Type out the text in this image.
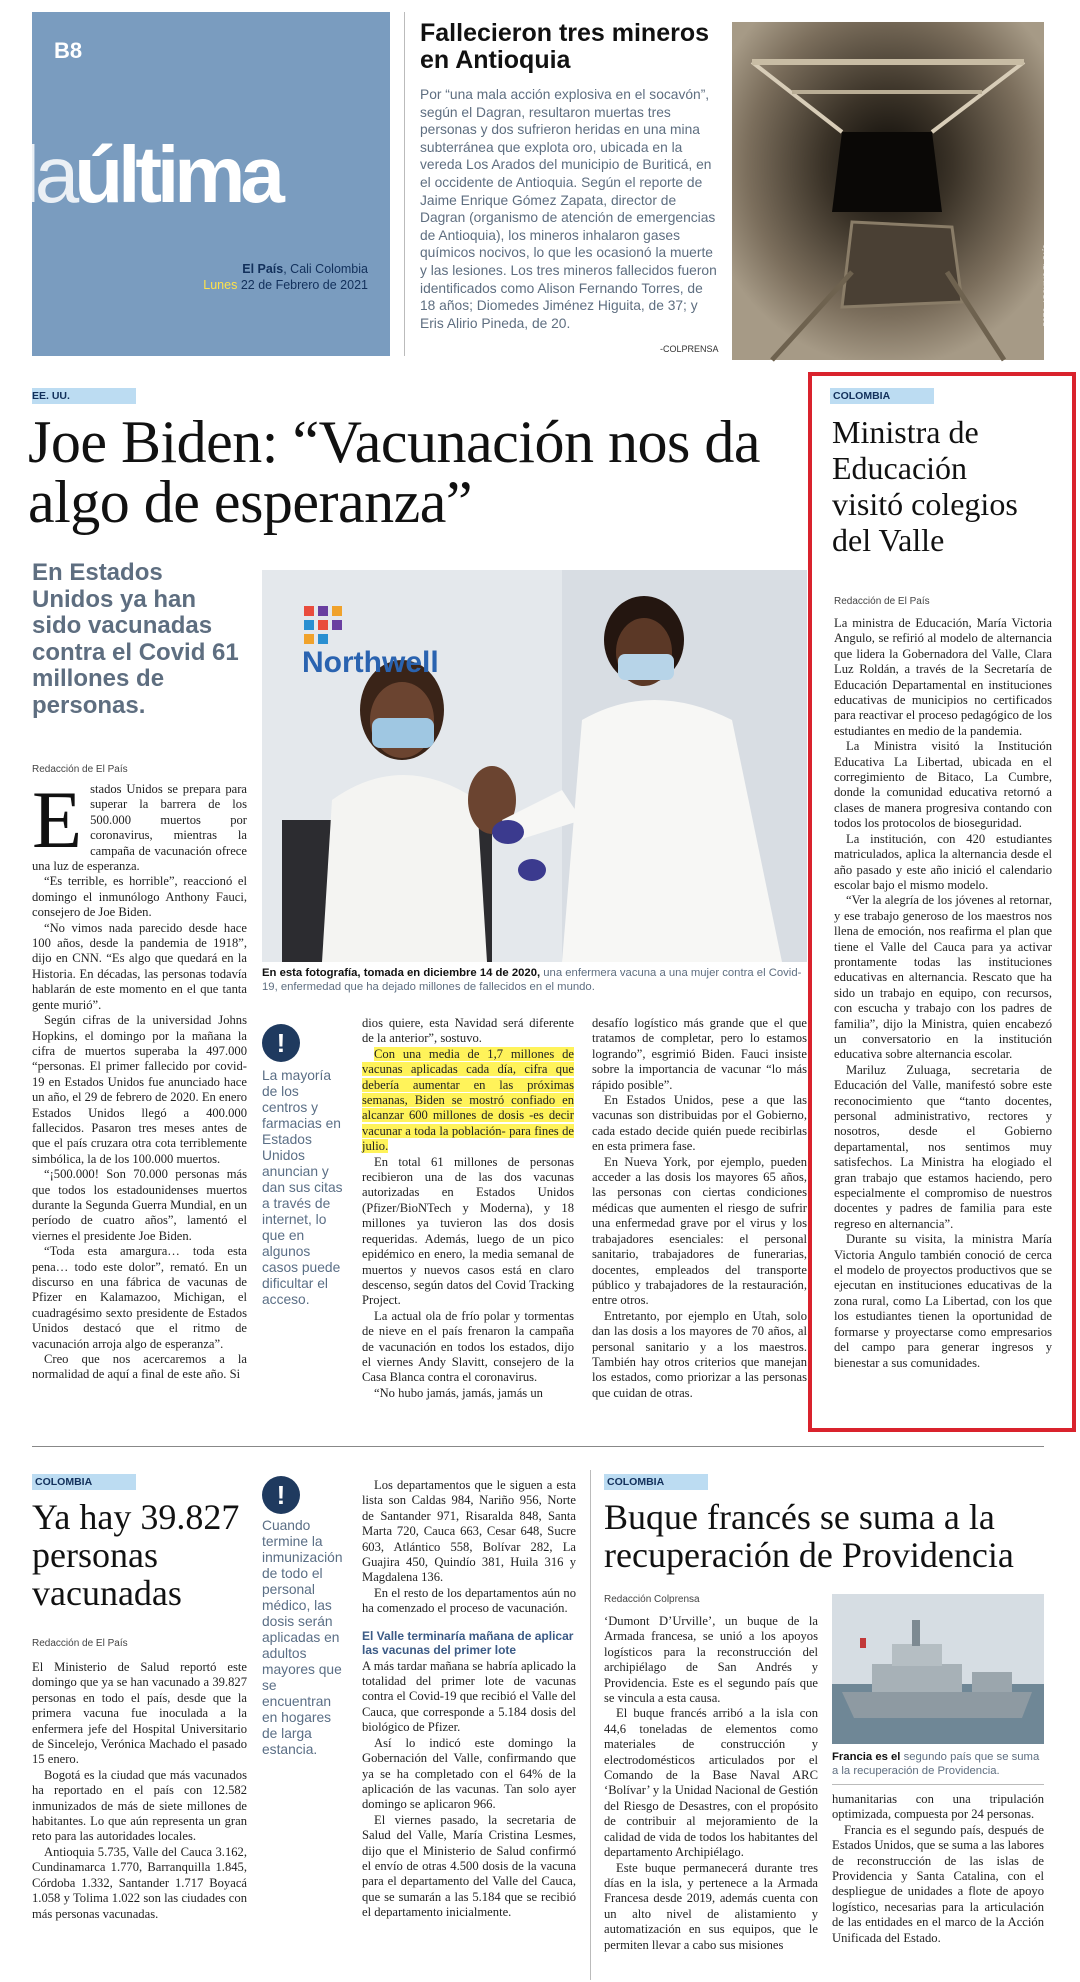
B8
laúltima
El País, Cali Colombia
Lunes 22 de Febrero de 2021
Fallecieron tres mineros en Antioquia
Por “una mala acción explosiva en el socavón”, según el Dagran, resultaron muertas tres personas y dos sufrieron heridas en una mina subterránea que explota oro, ubicada en la vereda Los Arados del municipio de Buriticá, en el occidente de Antioquia. Según el reporte de Jaime Enrique Gómez Zapata, director de Dagran (organismo de atención de emergencias de Antioquia), los mineros inhalaron gases químicos nocivos, lo que les ocasionó la muerte y las lesiones. Los tres mineros fallecidos fueron identificados como Alison Fernando Torres, de 18 años; Diomedes Jiménez Higuita, de 37; y Eris Alirio Pineda, de 20.
-COLPRENSA
FOTO: ARCHIVO EL PAÍS
EE. UU.
Joe Biden: “Vacunación nos da algo de esperanza”
En Estados Unidos ya han sido vacunadas contra el Covid 61 millones de personas.
Redacción de El País
E stados Unidos se prepara para superar la barrera de los 500.000 muertos por coronavirus, mientras la campaña de vacunación ofrece una luz de esperanza.

“Es terrible, es horrible”, reaccionó el domingo el inmunólogo Anthony Fauci, consejero de Joe Biden.

“No vimos nada parecido desde hace 100 años, desde la pandemia de 1918”, dijo en CNN. “Es algo que quedará en la Historia. En décadas, las personas todavía hablarán de este momento en el que tanta gente murió”.

Según cifras de la universidad Johns Hopkins, el domingo por la mañana la cifra de muertos superaba la 497.000 “personas. El primer fallecido por covid-19 en Estados Unidos fue anunciado hace un año, el 29 de febrero de 2020. En enero Estados Unidos llegó a 400.000 fallecidos. Pasaron tres meses antes de que el país cruzara otra cota terriblemente simbólica, la de los 100.000 muertos.

“¡500.000! Son 70.000 personas más que todos los estadounidenses muertos durante la Segunda Guerra Mundial, en un período de cuatro años”, lamentó el viernes el presidente Joe Biden.

“Toda esta amargura… toda esta pena… todo este dolor”, remató. En un discurso en una fábrica de vacunas de Pfizer en Kalamazoo, Michigan, el cuadragésimo sexto presidente de Estados Unidos destacó que el ritmo de vacunación arroja algo de esperanza”.

Creo que nos acercaremos a la normalidad de aquí a final de este año. Si

Northwell
En esta fotografía, tomada en diciembre 14 de 2020, una enfermera vacuna a una mujer contra el Covid-19, enfermedad que ha dejado millones de fallecidos en el mundo.
!
La mayoría de los centros y farmacias en Estados Unidos anuncian y dan sus citas a través de internet, lo que en algunos casos puede dificultar el acceso.

dios quiere, esta Navidad será diferente de la anterior”, sostuvo.

Con una media de 1,7 millones de vacunas aplicadas cada día, cifra que debería aumentar en las próximas semanas, Biden se mostró confiado en alcanzar 600 millones de dosis -es decir vacunar a toda la población- para fines de julio.

En total 61 millones de personas recibieron una de las dos vacunas autorizadas en Estados Unidos (Pfizer/BioNTech y Moderna), y 18 millones ya tuvieron las dos dosis requeridas. Además, luego de un pico epidémico en enero, la media semanal de muertos y nuevos casos está en claro descenso, según datos del Covid Tracking Project.

La actual ola de frío polar y tormentas de nieve en el país frenaron la campaña de vacunación en todos los estados, dijo el viernes Andy Slavitt, consejero de la Casa Blanca contra el coronavirus.

“No hubo jamás, jamás, jamás un

desafío logístico más grande que el que tratamos de completar, pero lo estamos logrando”, esgrimió Biden. Fauci insiste sobre la importancia de vacunar “lo más rápido posible”.

En Estados Unidos, pese a que las vacunas son distribuidas por el Gobierno, cada estado decide quién puede recibirlas en esta primera fase.

En Nueva York, por ejemplo, pueden acceder a las dosis los mayores 65 años, las personas con ciertas condiciones médicas que aumenten el riesgo de sufrir una enfermedad grave por el virus y los trabajadores esenciales: el personal sanitario, trabajadores de funerarias, docentes, empleados del transporte público y trabajadores de la restauración, entre otros.

Entretanto, por ejemplo en Utah, solo dan las dosis a los mayores de 70 años, al personal sanitario y a los maestros. También hay otros criterios que manejan los estados, como priorizar a las personas que cuidan de otras.

COLOMBIA
Ministra de Educación visitó colegios del Valle
Redacción de El País

La ministra de Educación, María Victoria Angulo, se refirió al modelo de alternancia que lidera la Gobernadora del Valle, Clara Luz Roldán, a través de la Secretaría de Educación Departamental en instituciones educativas de municipios no certificados para reactivar el proceso pedagógico de los estudiantes en medio de la pandemia.

La Ministra visitó la Institución Educativa La Libertad, ubicada en el corregimiento de Bitaco, La Cumbre, donde la comunidad educativa retornó a clases de manera progresiva contando con todos los protocolos de bioseguridad.

La institución, con 420 estudiantes matriculados, aplica la alternancia desde el año pasado y este año inició el calendario escolar bajo el mismo modelo.

“Ver la alegría de los jóvenes al retornar, y ese trabajo generoso de los maestros nos llena de emoción, nos reafirma el plan que tiene el Valle del Cauca para ya activar prontamente todas las instituciones educativas en alternancia. Rescato que ha sido un trabajo en equipo, con recursos, con escucha y trabajo con los padres de familia”, dijo la Ministra, quien encabezó un conversatorio en la institución educativa sobre alternancia escolar.

Mariluz Zuluaga, secretaria de Educación del Valle, manifestó sobre este reconocimiento que “tanto docentes, personal administrativo, rectores y nosotros, desde el Gobierno departamental, nos sentimos muy satisfechos. La Ministra ha elogiado el gran trabajo que estamos haciendo, pero especialmente el compromiso de nuestros docentes y padres de familia para este regreso en alternancia”.

Durante su visita, la ministra María Victoria Angulo también conoció de cerca el modelo de proyectos productivos que se ejecutan en instituciones educativas de la zona rural, como La Libertad, con los que los estudiantes tienen la oportunidad de formarse y proyectarse como empresarios del campo para generar ingresos y bienestar a sus comunidades.

COLOMBIA
Ya hay 39.827 personas vacunadas
Redacción de El País

El Ministerio de Salud reportó este domingo que ya se han vacunado a 39.827 personas en todo el país, desde que la primera vacuna fue inoculada a la enfermera jefe del Hospital Universitario de Sincelejo, Verónica Machado el pasado 15 enero.

Bogotá es la ciudad que más vacunados ha reportado en el país con 12.582 inmunizados de más de siete millones de habitantes. Lo que aún representa un gran reto para las autoridades locales.

Antioquia 5.735, Valle del Cauca 3.162, Cundinamarca 1.770, Barranquilla 1.845, Córdoba 1.332, Santander 1.717 Boyacá 1.058 y Tolima 1.022 son las ciudades con más personas vacunadas.

!
Cuando termine la inmunización de todo el personal médico, las dosis serán aplicadas en adultos mayores que se encuentran en hogares de larga estancia.

Los departamentos que le siguen a esta lista son Caldas 984, Nariño 956, Norte de Santander 971, Risaralda 848, Santa Marta 720, Cauca 663, Cesar 648, Sucre 603, Atlántico 558, Bolívar 282, La Guajira 450, Quindío 381, Huila 316 y Magdalena 136.

En el resto de los departamentos aún no ha comenzado el proceso de vacunación.

El Valle terminaría mañana de aplicar las vacunas del primer lote

A más tardar mañana se habría aplicado la totalidad del primer lote de vacunas contra el Covid-19 que recibió el Valle del Cauca, que corresponde a 5.184 dosis del biológico de Pfizer.

Así lo indicó este domingo la Gobernación del Valle, confirmando que ya se ha completado con el 64% de la aplicación de las vacunas. Tan solo ayer domingo se aplicaron 966.

El viernes pasado, la secretaria de Salud del Valle, María Cristina Lesmes, dijo que el Ministerio de Salud confirmó el envío de otras 4.500 dosis de la vacuna para el departamento del Valle del Cauca, que se sumarán a las 5.184 que se recibió el departamento inicialmente.

COLOMBIA
Buque francés se suma a la recuperación de Providencia
Redacción Colprensa

‘Dumont D’Urville’, un buque de la Armada francesa, se unió a los apoyos logísticos para la reconstrucción del archipiélago de San Andrés y Providencia. Este es el segundo país que se vincula a esta causa.

El buque francés arribó a la isla con 44,6 toneladas de elementos como materiales de construcción y electrodomésticos articulados por el Comando de la Base Naval ARC ‘Bolívar’ y la Unidad Nacional de Gestión del Riesgo de Desastres, con el propósito de contribuir al mejoramiento de la calidad de vida de todos los habitantes del departamento Archipiélago.

Este buque permanecerá durante tres días en la isla, y pertenece a la Armada Francesa desde 2019, además cuenta con un alto nivel de alistamiento y automatización en sus equipos, que le permiten llevar a cabo sus misiones

FOTO: COLPRENSA / EL PAÍS
Francia es el segundo país que se suma a la recuperación de Providencia.

humanitarias con una tripulación optimizada, compuesta por 24 personas.

Francia es el segundo país, después de Estados Unidos, que se suma a las labores de reconstrucción de las islas de Providencia y Santa Catalina, con el despliegue de unidades a flote de apoyo logístico, necesarias para la articulación de las entidades en el marco de la Acción Unificada del Estado.
